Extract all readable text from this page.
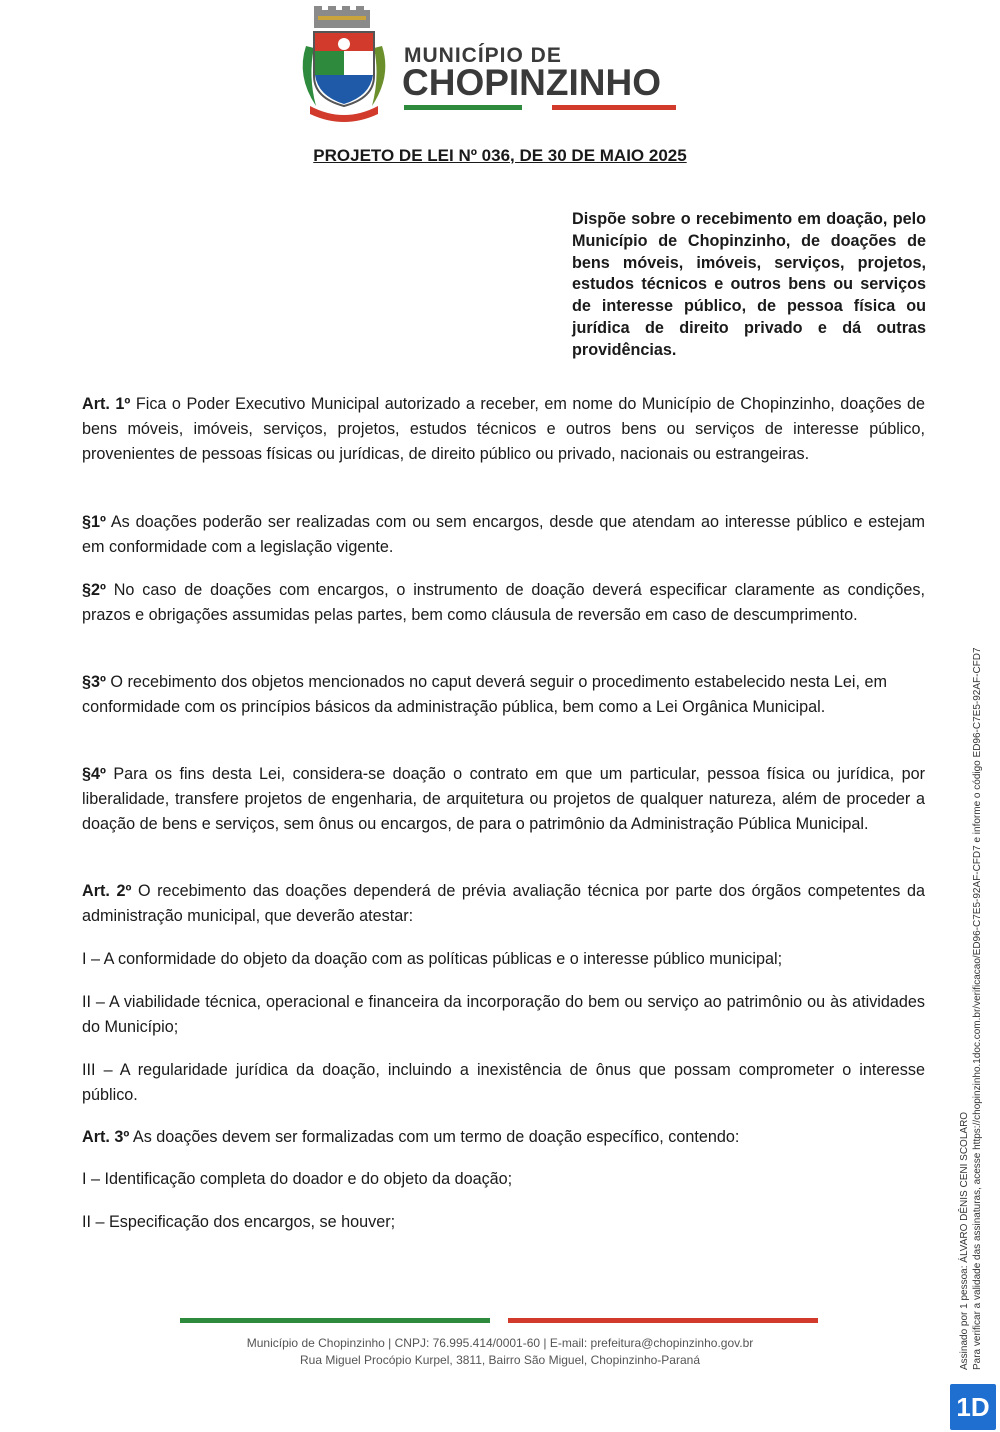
MUNICÍPIO DE
CHOPINZINHO
PROJETO DE LEI Nº 036, DE 30 DE MAIO 2025
Dispõe sobre o recebimento em doação, pelo Município de Chopinzinho, de doações de bens móveis, imóveis, serviços, projetos, estudos técnicos e outros bens ou serviços de interesse público, de pessoa física ou jurídica de direito privado e dá outras providências.

Art. 1º Fica o Poder Executivo Municipal autorizado a receber, em nome do Município de Chopinzinho, doações de bens móveis, imóveis, serviços, projetos, estudos técnicos e outros bens ou serviços de interesse público, provenientes de pessoas físicas ou jurídicas, de direito público ou privado, nacionais ou estrangeiras.

§1º As doações poderão ser realizadas com ou sem encargos, desde que atendam ao interesse público e estejam em conformidade com a legislação vigente.

§2º No caso de doações com encargos, o instrumento de doação deverá especificar claramente as condições, prazos e obrigações assumidas pelas partes, bem como cláusula de reversão em caso de descumprimento.

§3º O recebimento dos objetos mencionados no caput deverá seguir o procedimento estabelecido nesta Lei, em conformidade com os princípios básicos da administração pública, bem como a Lei Orgânica Municipal.

§4º Para os fins desta Lei, considera-se doação o contrato em que um particular, pessoa física ou jurídica, por liberalidade, transfere projetos de engenharia, de arquitetura ou projetos de qualquer natureza, além de proceder a doação de bens e serviços, sem ônus ou encargos, de para o patrimônio da Administração Pública Municipal.

Art. 2º O recebimento das doações dependerá de prévia avaliação técnica por parte dos órgãos competentes da administração municipal, que deverão atestar:

I – A conformidade do objeto da doação com as políticas públicas e o interesse público municipal;

II – A viabilidade técnica, operacional e financeira da incorporação do bem ou serviço ao patrimônio ou às atividades do Município;

III – A regularidade jurídica da doação, incluindo a inexistência de ônus que possam comprometer o interesse público.

Art. 3º As doações devem ser formalizadas com um termo de doação específico, contendo:

I – Identificação completa do doador e do objeto da doação;

II – Especificação dos encargos, se houver;

Município de Chopinzinho | CNPJ: 76.995.414/0001-60 | E-mail: prefeitura@chopinzinho.gov.br
Rua Miguel Procópio Kurpel, 3811, Bairro São Miguel, Chopinzinho-Paraná	Assinado por 1 pessoa: ÁLVARO DÊNIS CENI SCOLARO Para verificar a validade das assinaturas, acesse https://chopinzinho.1doc.com.br/verificacao/ED96-C7E5-92AF-CFD7 e informe o código ED96-C7E5-92AF-CFD7
1D
